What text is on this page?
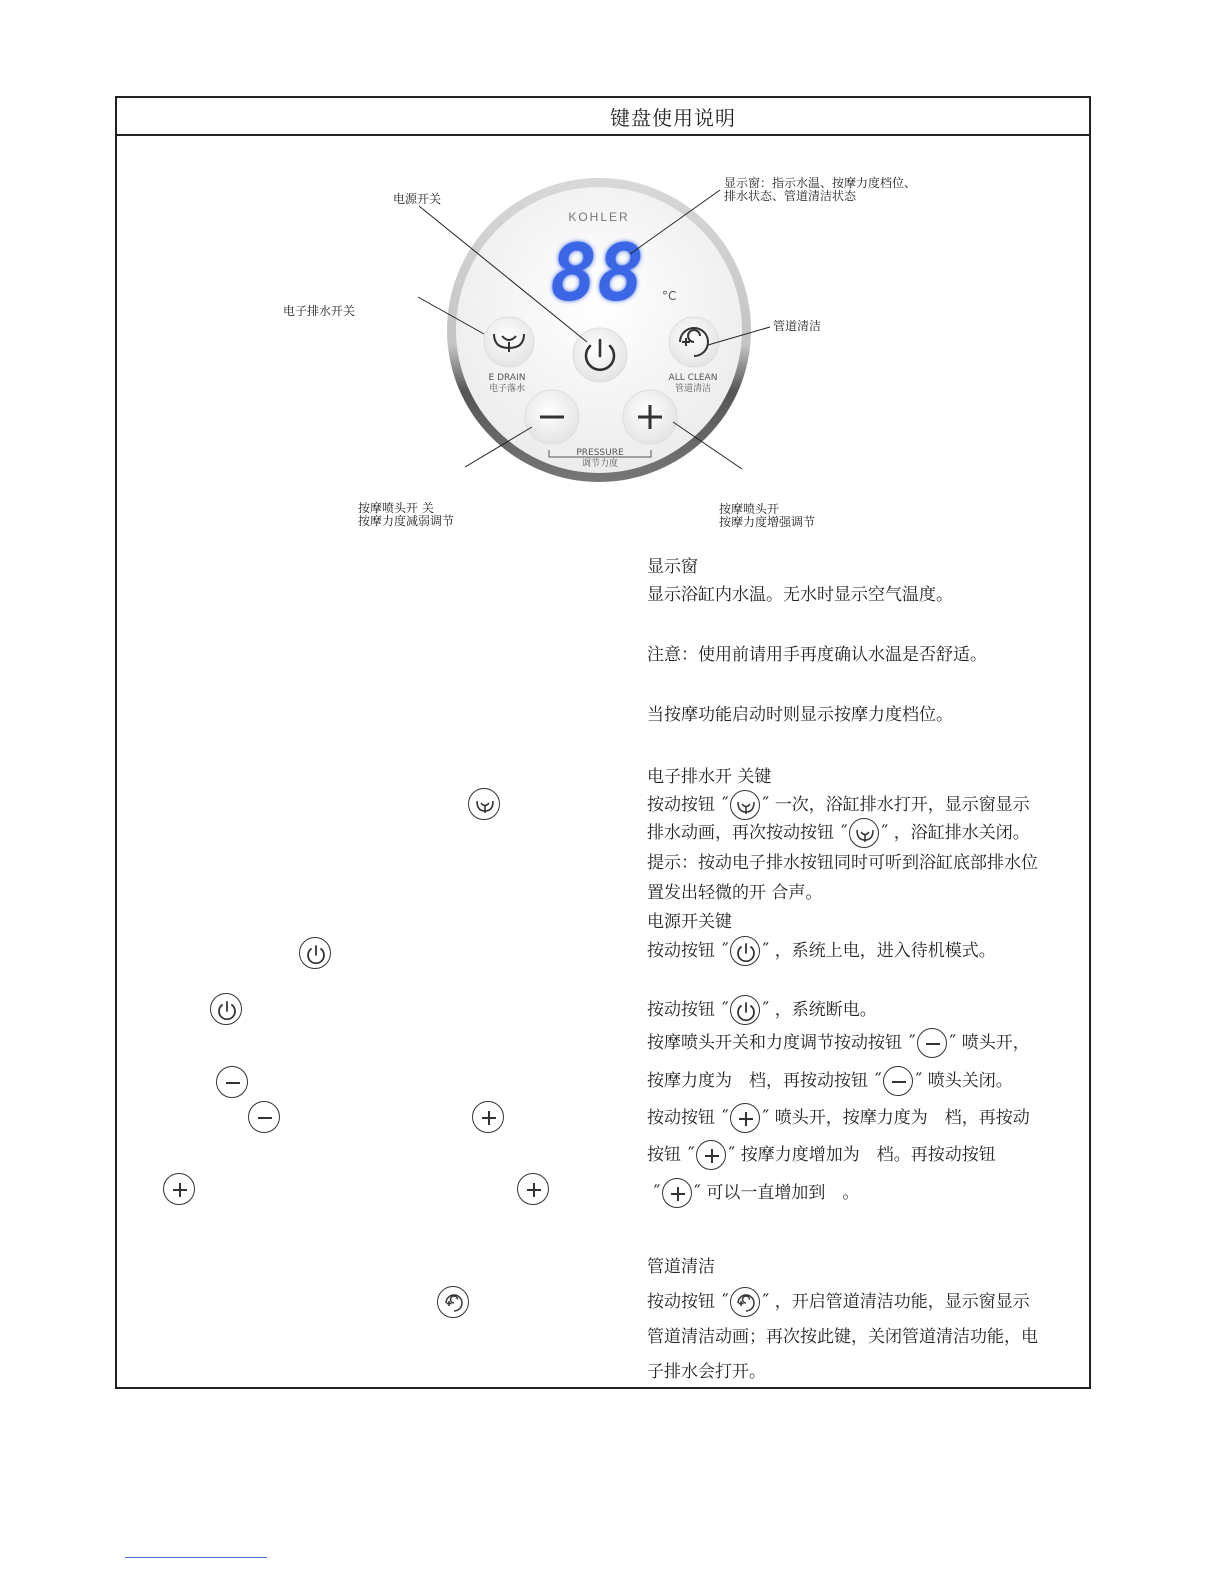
键盘使用说明
KOHLER
88 °C
E DRAIN
电子落水
ALL CLEAN
管道清洁
PRESSURE
调节力度
电源开关
显示窗：指示水温、按摩力度档位、
排水状态、管道清洁状态
电子排水开关
管道清洁
按摩喷头开 关
按摩力度减弱调节
按摩喷头开
按摩力度增强调节
显示窗
显示浴缸内水温。无水时显示空气温度。
注意：使用前请用手再度确认水温是否舒适。
当按摩功能启动时则显示按摩力度档位。
电子排水开 关键
按动按钮 ˝ ˝ 一次，浴缸排水打开，显示窗显示
排水动画，再次按动按钮 ˝ ˝ ，浴缸排水关闭。
提示：按动电子排水按钮同时可听到浴缸底部排水位
置发出轻微的开 合声。
电源开关键
按动按钮 ˝ ˝ ，系统上电，进入待机模式。
按动按钮 ˝ ˝ ，系统断电。
按摩喷头开关和力度调节按动按钮 ˝ ˝ 喷头开，
按摩力度为　档，再按动按钮 ˝ ˝ 喷头关闭。
按动按钮 ˝ ˝ 喷头开，按摩力度为　档，再按动
按钮 ˝ ˝ 按摩力度增加为　档。再按动按钮
˝ ˝ 可以一直增加到　。
管道清洁
按动按钮 ˝ ˝ ，开启管道清洁功能，显示窗显示
管道清洁动画；再次按此键，关闭管道清洁功能，电
子排水会打开。
